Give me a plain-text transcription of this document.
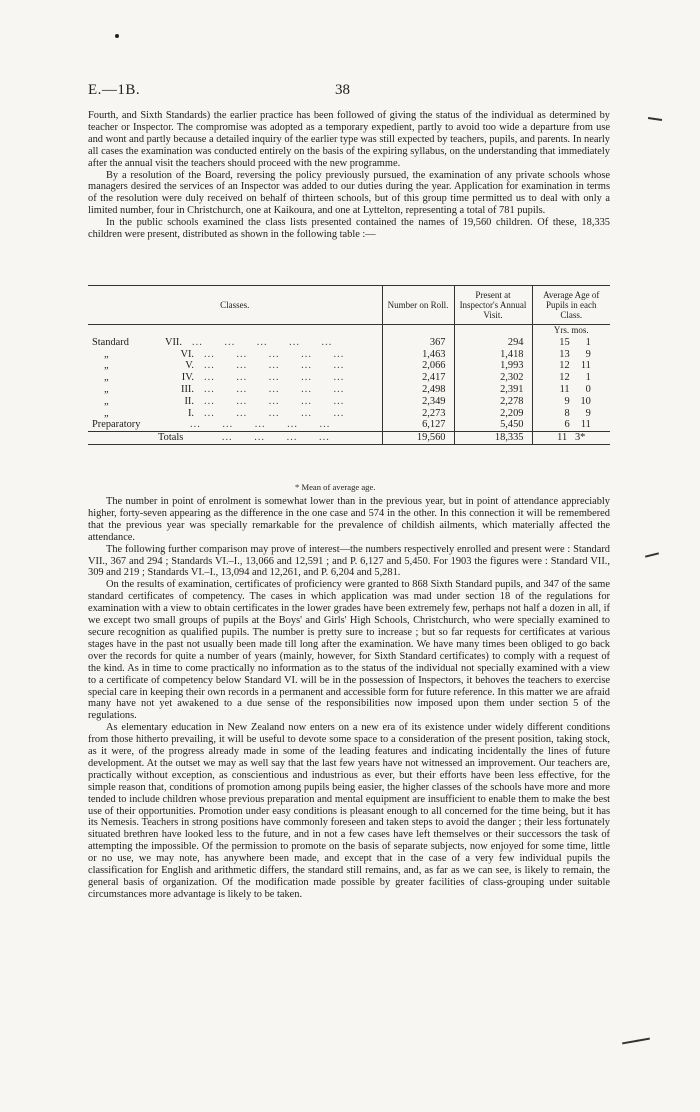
E.—1B.	38

Fourth, and Sixth Standards) the earlier practice has been followed of giving the status of the individual as determined by teacher or Inspector. The compromise was adopted as a temporary expedient, partly to avoid too wide a departure from use and wont and partly because a detailed inquiry of the earlier type was still expected by teachers, pupils, and parents. In nearly all cases the examination was conducted entirely on the basis of the expiring syllabus, on the understanding that immediately after the annual visit the teachers should proceed with the new programme.

By a resolution of the Board, reversing the policy previously pursued, the examination of any private schools whose managers desired the services of an Inspector was added to our duties during the year. Application for examination in terms of the resolution were duly received on behalf of thirteen schools, but of this group time permitted us to deal with only a limited number, four in Christchurch, one at Kaikoura, and one at Lyttelton, representing a total of 781 pupils.

In the public schools examined the class lists presented contained the names of 19,560 children. Of these, 18,335 children were present, distributed as shown in the following table :—

Classes.	Number on Roll.	Present at Inspector's Annual Visit.	Average Age of Pupils in each Class.
			Yrs. mos.
Standard VII. ...      ...      ...      ...      ...	367	294	15 1
„ VI. ...      ...      ...      ...      ...	1,463	1,418	13 9
„ V. ...      ...      ...      ...      ...	2,066	1,993	12 11
„ IV. ...      ...      ...      ...      ...	2,417	2,302	12 1
„ III. ...      ...      ...      ...      ...	2,498	2,391	11 0
„ II. ...      ...      ...      ...      ...	2,349	2,278	9 10
„ I. ...      ...      ...      ...      ...	2,273	2,209	8 9
Preparatory ...      ...      ...      ...      ...	6,127	5,450	6 11
Totals ...      ...      ...      ...	19,560	18,335	11 3*
* Mean of average age.

The number in point of enrolment is somewhat lower than in the previous year, but in point of attendance appreciably higher, forty-seven appearing as the difference in the one case and 574 in the other. In this connection it will be remembered that the previous year was specially remarkable for the prevalence of childish ailments, which materially affected the attendance.

The following further comparison may prove of interest—the numbers respectively enrolled and present were : Standard VII., 367 and 294 ; Standards VI.–I., 13,066 and 12,591 ; and P. 6,127 and 5,450. For 1903 the figures were : Standard VII., 309 and 219 ; Standards VI.–I., 13,094 and 12,261, and P. 6,204 and 5,281.

On the results of examination, certificates of proficiency were granted to 868 Sixth Standard pupils, and 347 of the same standard certificates of competency. The cases in which application was mad under section 18 of the regulations for examination with a view to obtain certificates in the lower grades have been extremely few, perhaps not half a dozen in all, if we except two small groups of pupils at the Boys' and Girls' High Schools, Christchurch, who were specially examined to secure recognition as qualified pupils. The number is pretty sure to increase ; but so far requests for certificates at various stages have in the past not usually been made till long after the examination. We have many times been obliged to go back over the records for quite a number of years (mainly, however, for Sixth Standard certificates) to comply with a request of the kind. As in time to come practically no information as to the status of the individual not specially examined with a view to a certificate of competency below Standard VI. will be in the possession of Inspectors, it behoves the teachers to exercise special care in keeping their own records in a permanent and accessible form for future reference. In this matter we are afraid many have not yet awakened to a due sense of the responsibilities now imposed upon them under section 5 of the regulations.

As elementary education in New Zealand now enters on a new era of its existence under widely different conditions from those hitherto prevailing, it will be useful to devote some space to a consideration of the present position, taking stock, as it were, of the progress already made in some of the leading features and indicating incidentally the lines of future development. At the outset we may as well say that the last few years have not witnessed an improvement. Our teachers are, practically without exception, as conscientious and industrious as ever, but their efforts have been less effective, for the simple reason that, conditions of promotion among pupils being easier, the higher classes of the schools have more and more tended to include children whose previous preparation and mental equipment are insufficient to enable them to make the best use of their opportunities. Promotion under easy conditions is pleasant enough to all concerned for the time being, but it has its Nemesis. Teachers in strong positions have commonly foreseen and taken steps to avoid the danger ; their less fortunately situated brethren have looked less to the future, and in not a few cases have left themselves or their successors the task of attempting the impossible. Of the permission to promote on the basis of separate subjects, now enjoyed for some time, little or no use, we may note, has anywhere been made, and except that in the case of a very few individual pupils the classification for English and arithmetic differs, the standard still remains, and, as far as we can see, is likely to remain, the general basis of organization. Of the modification made possible by greater facilities of class-grouping under suitable circumstances more advantage is likely to be taken.
